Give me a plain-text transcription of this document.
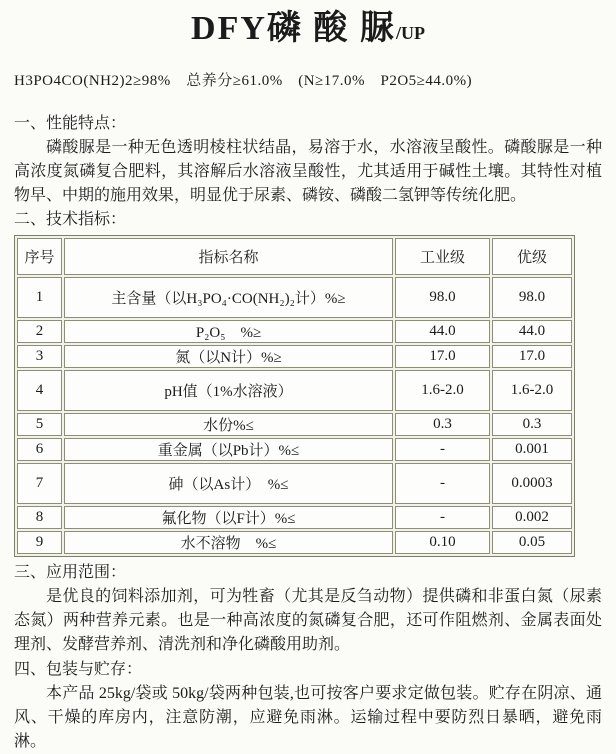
DFY磷 酸 脲/UP
H3PO4CO(NH2)2≥98%　总养分≥61.0%　(N≥17.0%　P2O5≥44.0%)
一、性能特点：
磷酸脲是一种无色透明棱柱状结晶，易溶于水，水溶液呈酸性。磷酸脲是一种高浓度氮磷复合肥料，其溶解后水溶液呈酸性，尤其适用于碱性土壤。其特性对植物早、中期的施用效果，明显优于尿素、磷铵、磷酸二氢钾等传统化肥。
二、技术指标：
序号	指标名称	工业级	优级
1	主含量（以H₃PO₄·CO(NH₂)₂计）%≥	98.0	98.0
2	P₂O₅　%≥	44.0	44.0
3	氮（以N计）%≥	17.0	17.0
4	pH值（1%水溶液）	1.6-2.0	1.6-2.0
5	水份%≤	0.3	0.3
6	重金属（以Pb计）%≤	-	0.001
7	砷（以As计）　%≤	-	0.0003
8	氟化物（以F计）%≤	-	0.002
9	水不溶物　%≤	0.10	0.05
三、应用范围：
是优良的饲料添加剂，可为牲畜（尤其是反刍动物）提供磷和非蛋白氮（尿素态氮）两种营养元素。也是一种高浓度的氮磷复合肥，还可作阻燃剂、金属表面处理剂、发酵营养剂、清洗剂和净化磷酸用助剂。
四、包装与贮存：
本产品 25kg/袋或 50kg/袋两种包装,也可按客户要求定做包装。贮存在阴凉、通风、干燥的库房内，注意防潮，应避免雨淋。运输过程中要防烈日暴晒，避免雨淋。
